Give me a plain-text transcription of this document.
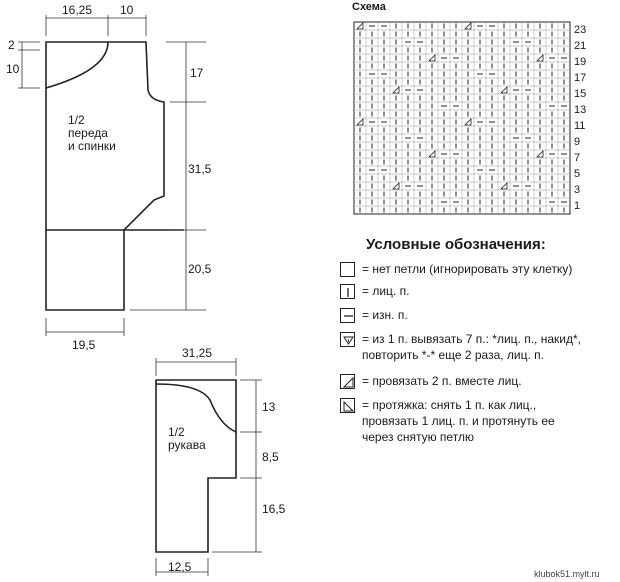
16,25 10
2
10	17
31,5
20,5
19,5
1/2
переда
и спинки
31,25
13
8,5
16,5
12,5
1/2
рукава
Схема
23
21
19
17
15
13
11
9
7
5
3
1
Условные обозначения:
= нет петли (игнорировать эту клетку)
= лиц. п.
= изн. п.
= из 1 п. вывязать 7 п.: *лиц. п., накид*,
повторить *-* еще 2 раза, лиц. п.
= провязать 2 п. вместе лиц.
= протяжка: снять 1 п. как лиц.,
провязать 1 лиц. п. и протянуть ее
через снятую петлю
klubok51.mylt.ru
